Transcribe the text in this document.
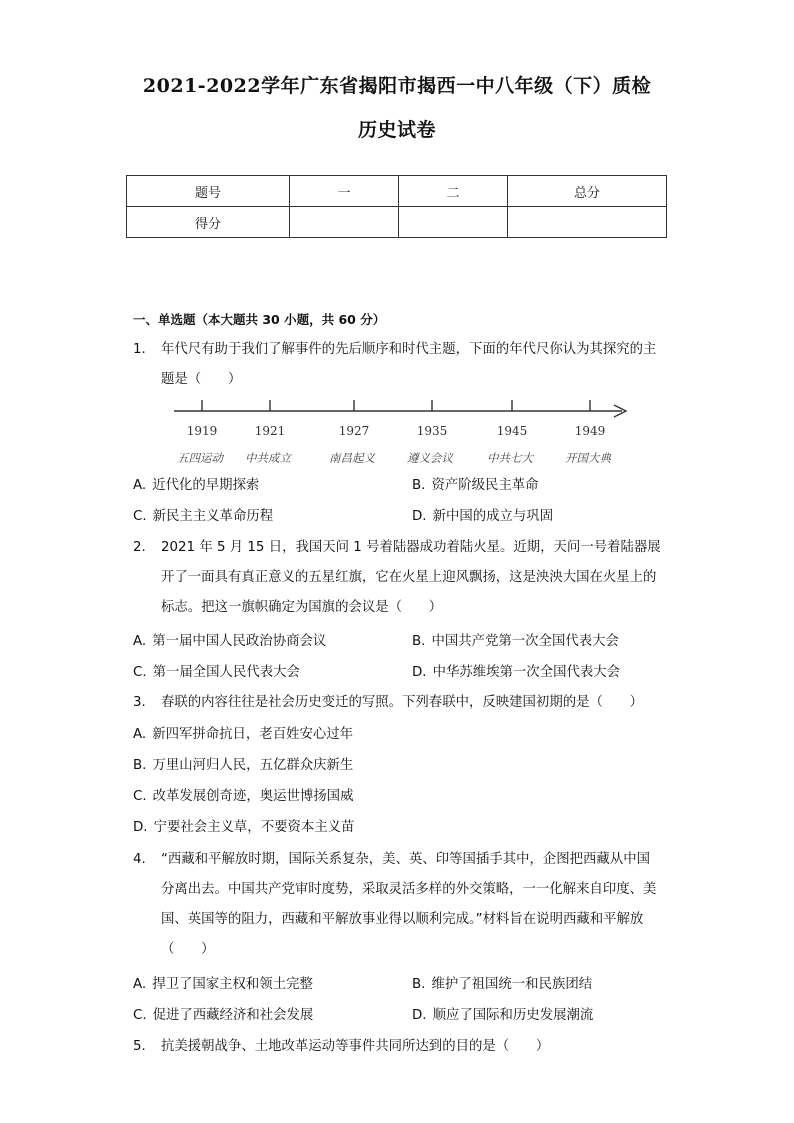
2021-2022学年广东省揭阳市揭西一中八年级（下）质检
历史试卷
题号	一	二	总分
得分			
一、单选题（本大题共 30 小题，共 60 分）
1. 年代尺有助于我们了解事件的先后顺序和时代主题，下面的年代尺你认为其探究的主题是（　　）
1919	1921	1927	1935	1945	1949
五四运动	中共成立	南昌起义	遵义会议	中共七大	开国大典
A. 近代化的早期探索	B. 资产阶级民主革命
C. 新民主主义革命历程	D. 新中国的成立与巩固
2. 2021 年 5 月 15 日，我国天问 1 号着陆器成功着陆火星。近期，天问一号着陆器展开了一面具有真正意义的五星红旗，它在火星上迎风飘扬，这是泱泱大国在火星上的标志。把这一旗帜确定为国旗的会议是（　　）
A. 第一届中国人民政治协商会议	B. 中国共产党第一次全国代表大会
C. 第一届全国人民代表大会	D. 中华苏维埃第一次全国代表大会
3. 春联的内容往往是社会历史变迁的写照。下列春联中，反映建国初期的是（　　）
A. 新四军拼命抗日，老百姓安心过年
B. 万里山河归人民，五亿群众庆新生
C. 改革发展创奇迹，奥运世博扬国威
D. 宁要社会主义草，不要资本主义苗
4. “西藏和平解放时期，国际关系复杂，美、英、印等国插手其中，企图把西藏从中国分离出去。中国共产党审时度势，采取灵活多样的外交策略，一一化解来自印度、美国、英国等的阻力，西藏和平解放事业得以顺利完成。”材料旨在说明西藏和平解放（　　）
A. 捍卫了国家主权和领土完整	B. 维护了祖国统一和民族团结
C. 促进了西藏经济和社会发展	D. 顺应了国际和历史发展潮流
5. 抗美援朝战争、土地改革运动等事件共同所达到的目的是（　　）
